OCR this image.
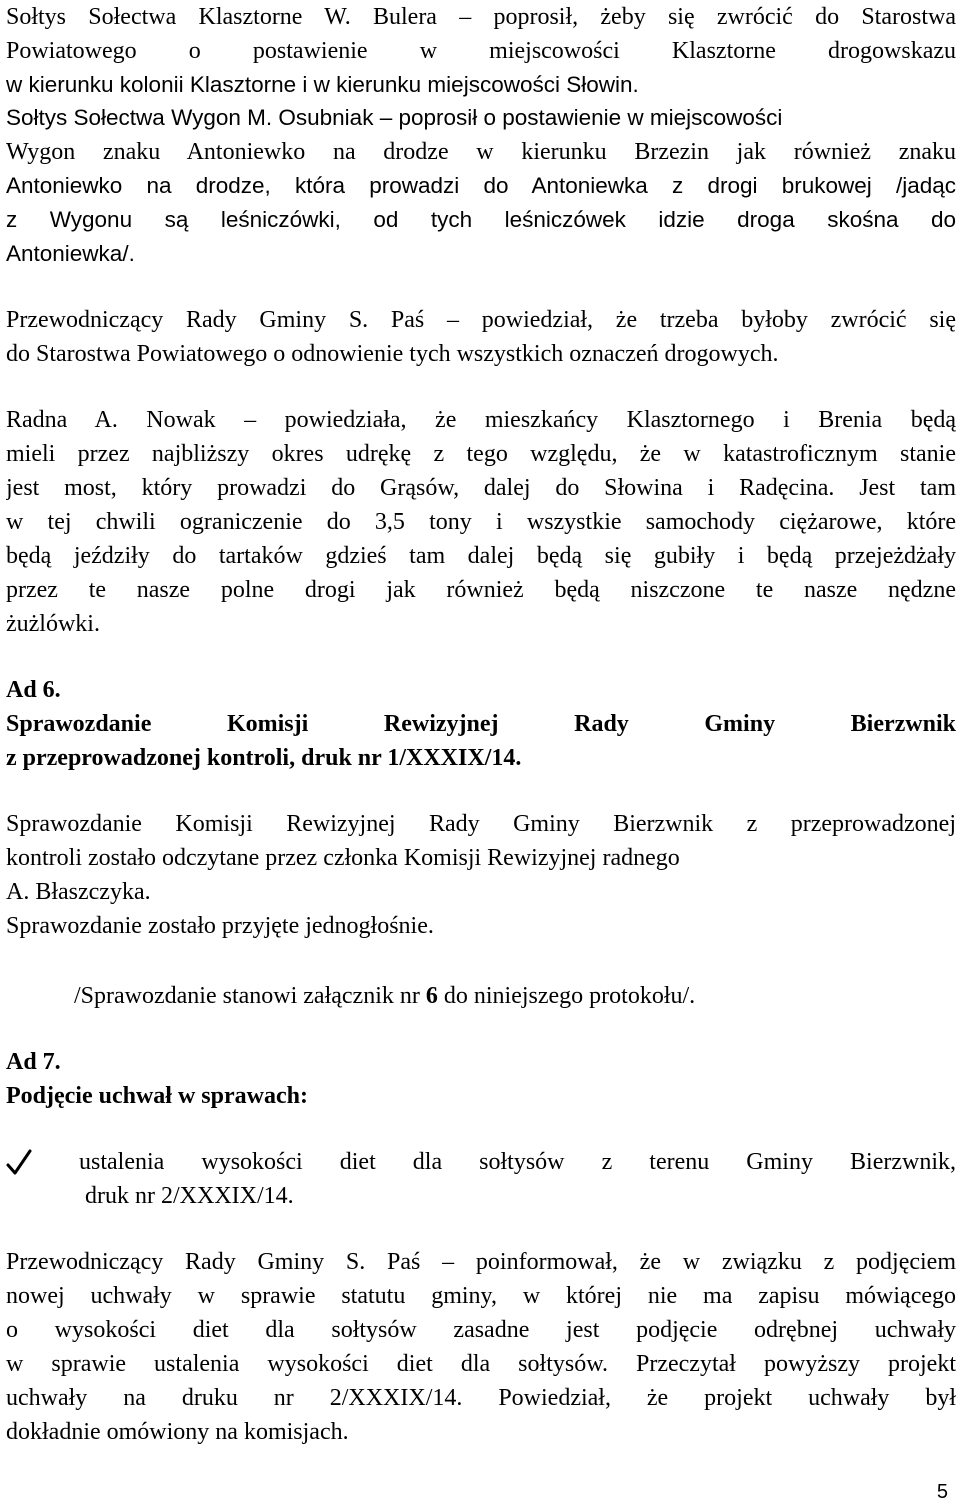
Sołtys Sołectwa Klasztorne W. Bulera – poprosił, żeby się zwrócić do Starostwa
Powiatowego o postawienie w miejscowości Klasztorne drogowskazu
w kierunku kolonii Klasztorne i w kierunku miejscowości Słowin.
Sołtys Sołectwa Wygon M. Osubniak – poprosił o postawienie w miejscowości
Wygon znaku Antoniewko na drodze w kierunku Brzezin jak również znaku
Antoniewko na drodze, która prowadzi do Antoniewka z drogi brukowej /jadąc
z Wygonu są leśniczówki, od tych leśniczówek idzie droga skośna do
Antoniewka/.
Przewodniczący Rady Gminy S. Paś – powiedział, że trzeba byłoby zwrócić się
do Starostwa Powiatowego o odnowienie tych wszystkich oznaczeń drogowych.
Radna A. Nowak – powiedziała, że mieszkańcy Klasztornego i Brenia będą
mieli przez najbliższy okres udrękę z tego względu, że w katastroficznym stanie
jest most, który prowadzi do Grąsów, dalej do Słowina i Radęcina. Jest tam
w tej chwili ograniczenie do 3,5 tony i wszystkie samochody ciężarowe, które
będą jeździły do tartaków gdzieś tam dalej będą się gubiły i będą przejeżdżały
przez te nasze polne drogi jak również będą niszczone te nasze nędzne
żużlówki.
Ad 6.
Sprawozdanie Komisji Rewizyjnej Rady Gminy Bierzwnik
z przeprowadzonej kontroli, druk nr 1/XXXIX/14.
Sprawozdanie Komisji Rewizyjnej Rady Gminy Bierzwnik z przeprowadzonej
kontroli zostało odczytane przez członka Komisji Rewizyjnej radnego
A. Błaszczyka.
Sprawozdanie zostało przyjęte jednogłośnie.
/Sprawozdanie stanowi załącznik nr 6 do niniejszego protokołu/.
Ad 7.
Podjęcie uchwał w sprawach:
ustalenia wysokości diet dla sołtysów z terenu Gminy Bierzwnik,
druk nr 2/XXXIX/14.
Przewodniczący Rady Gminy S. Paś – poinformował, że w związku z podjęciem
nowej uchwały w sprawie statutu gminy, w której nie ma zapisu mówiącego
o wysokości diet dla sołtysów zasadne jest podjęcie odrębnej uchwały
w sprawie ustalenia wysokości diet dla sołtysów. Przeczytał powyższy projekt
uchwały na druku nr 2/XXXIX/14. Powiedział, że projekt uchwały był
dokładnie omówiony na komisjach.
5
